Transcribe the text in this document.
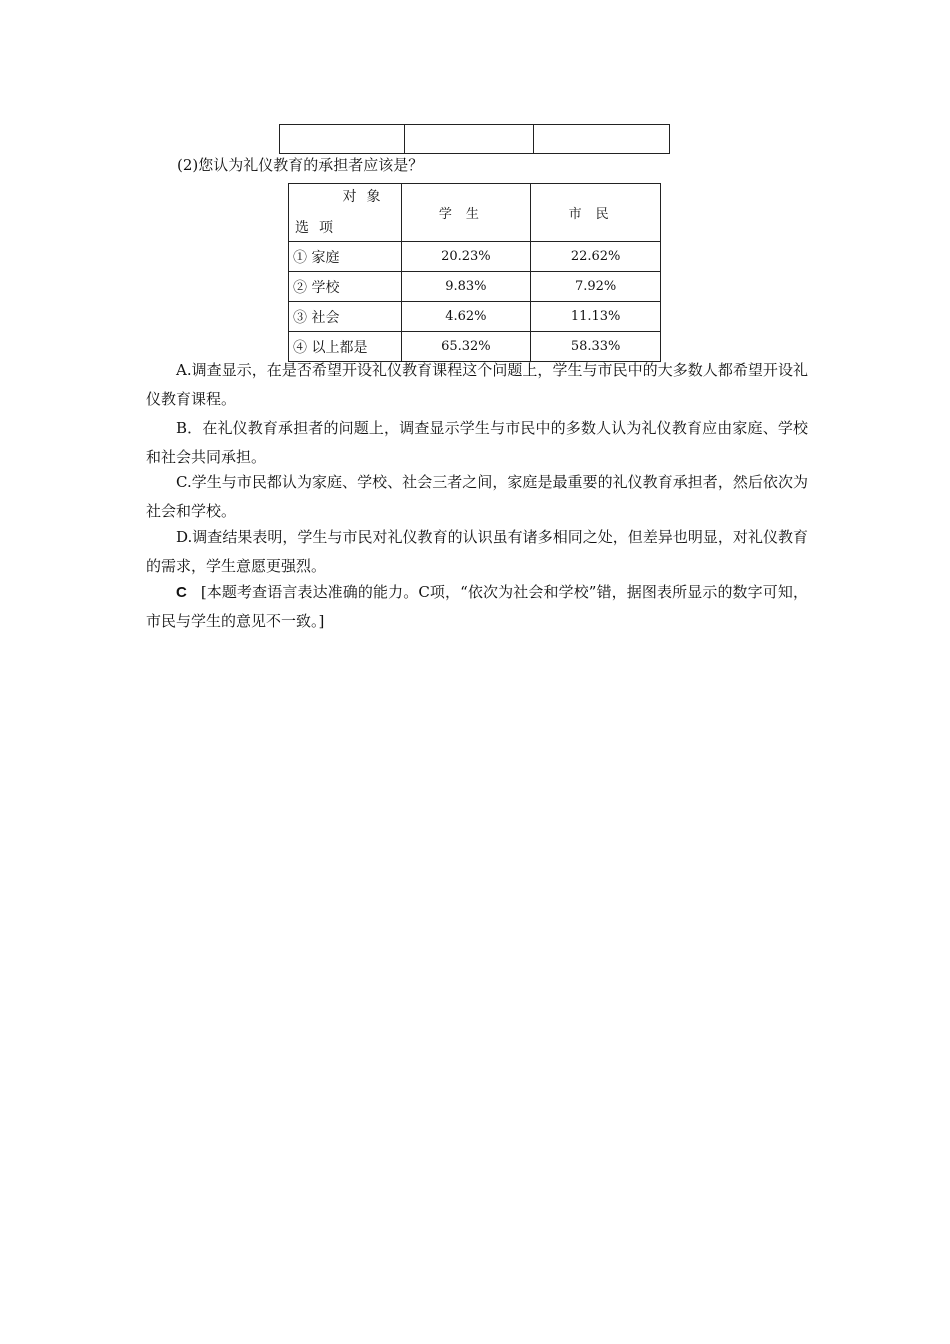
(2)您认为礼仪教育的承担者应该是？
对象
选项	学生	市民
① 家庭	20.23%	22.62%
② 学校	9.83%	7.92%
③ 社会	4.62%	11.13%
④ 以上都是	65.32%	58.33%
A.调查显示，在是否希望开设礼仪教育课程这个问题上，学生与市民中的大多数人都希望开设礼仪教育课程。
B．在礼仪教育承担者的问题上，调查显示学生与市民中的多数人认为礼仪教育应由家庭、学校和社会共同承担。
C.学生与市民都认为家庭、学校、社会三者之间，家庭是最重要的礼仪教育承担者，然后依次为社会和学校。
D.调查结果表明，学生与市民对礼仪教育的认识虽有诸多相同之处，但差异也明显，对礼仪教育的需求，学生意愿更强烈。
C [本题考查语言表达准确的能力。C项，“依次为社会和学校”错，据图表所显示的数字可知，市民与学生的意见不一致。]
